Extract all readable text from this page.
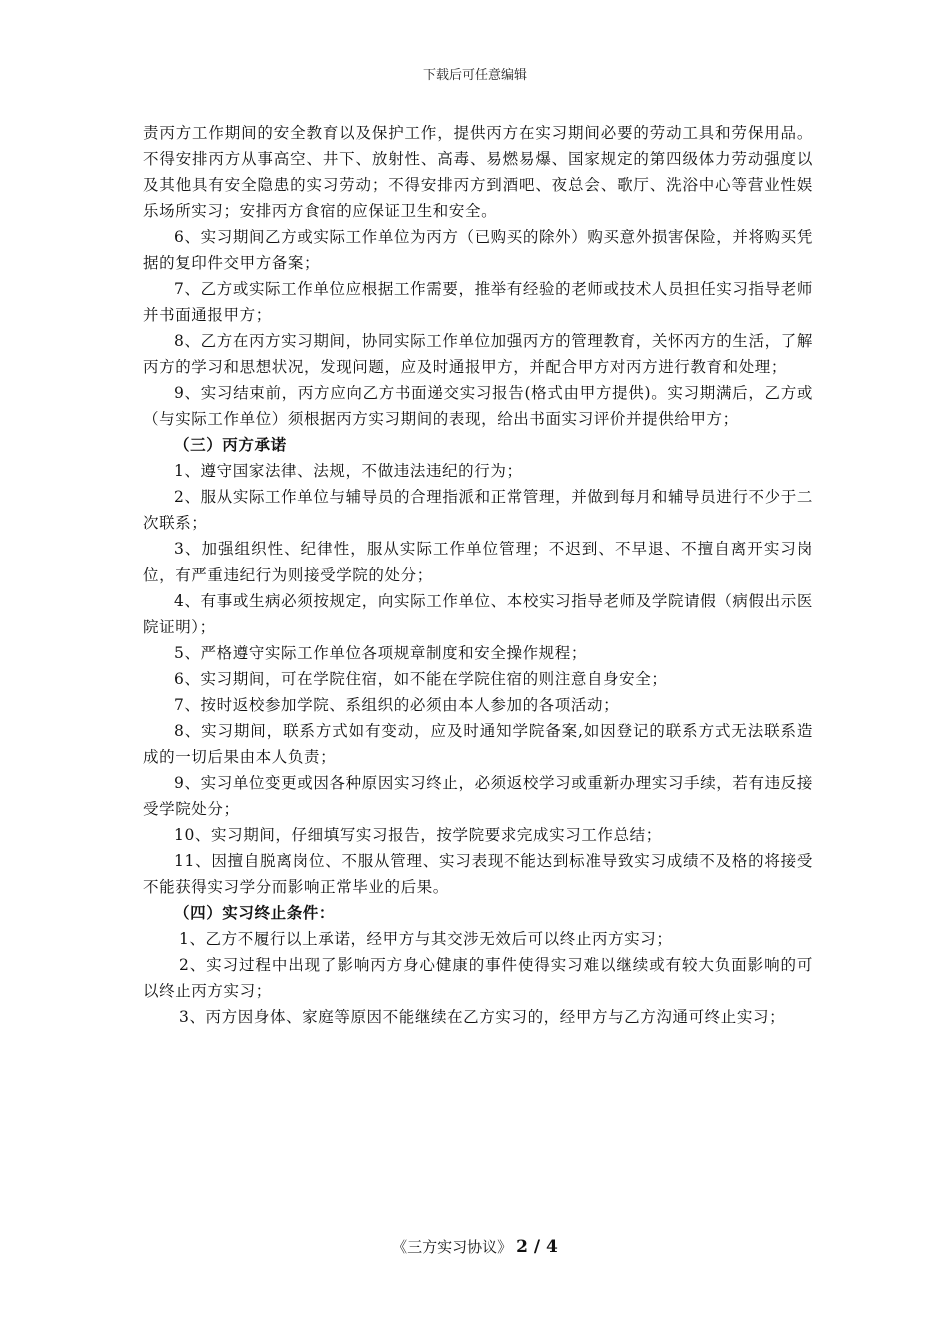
下载后可任意编辑

责丙方工作期间的安全教育以及保护工作，提供丙方在实习期间必要的劳动工具和劳保用品。不得安排丙方从事高空、井下、放射性、高毒、易燃易爆、国家规定的第四级体力劳动强度以及其他具有安全隐患的实习劳动；不得安排丙方到酒吧、夜总会、歌厅、洗浴中心等营业性娱乐场所实习；安排丙方食宿的应保证卫生和安全。

6、实习期间乙方或实际工作单位为丙方（已购买的除外）购买意外损害保险，并将购买凭据的复印件交甲方备案；

7、乙方或实际工作单位应根据工作需要，推举有经验的老师或技术人员担任实习指导老师并书面通报甲方；

8、乙方在丙方实习期间，协同实际工作单位加强丙方的管理教育，关怀丙方的生活，了解丙方的学习和思想状况，发现问题，应及时通报甲方，并配合甲方对丙方进行教育和处理；

9、实习结束前，丙方应向乙方书面递交实习报告(格式由甲方提供)。实习期满后，乙方或（与实际工作单位）须根据丙方实习期间的表现，给出书面实习评价并提供给甲方；

（三）丙方承诺

1、遵守国家法律、法规，不做违法违纪的行为；

2、服从实际工作单位与辅导员的合理指派和正常管理，并做到每月和辅导员进行不少于二次联系；

3、加强组织性、纪律性，服从实际工作单位管理；不迟到、不早退、不擅自离开实习岗位，有严重违纪行为则接受学院的处分；

4、有事或生病必须按规定，向实际工作单位、本校实习指导老师及学院请假（病假出示医院证明）；

5、严格遵守实际工作单位各项规章制度和安全操作规程；

6、实习期间，可在学院住宿，如不能在学院住宿的则注意自身安全；

7、按时返校参加学院、系组织的必须由本人参加的各项活动；

8、实习期间，联系方式如有变动，应及时通知学院备案,如因登记的联系方式无法联系造成的一切后果由本人负责；

9、实习单位变更或因各种原因实习终止，必须返校学习或重新办理实习手续，若有违反接受学院处分；

10、实习期间，仔细填写实习报告，按学院要求完成实习工作总结；

11、因擅自脱离岗位、不服从管理、实习表现不能达到标准导致实习成绩不及格的将接受不能获得实习学分而影响正常毕业的后果。

（四）实习终止条件：

1、乙方不履行以上承诺，经甲方与其交涉无效后可以终止丙方实习；

2、实习过程中出现了影响丙方身心健康的事件使得实习难以继续或有较大负面影响的可以终止丙方实习；

3、丙方因身体、家庭等原因不能继续在乙方实习的，经甲方与乙方沟通可终止实习；

《三方实习协议》 2 / 4
